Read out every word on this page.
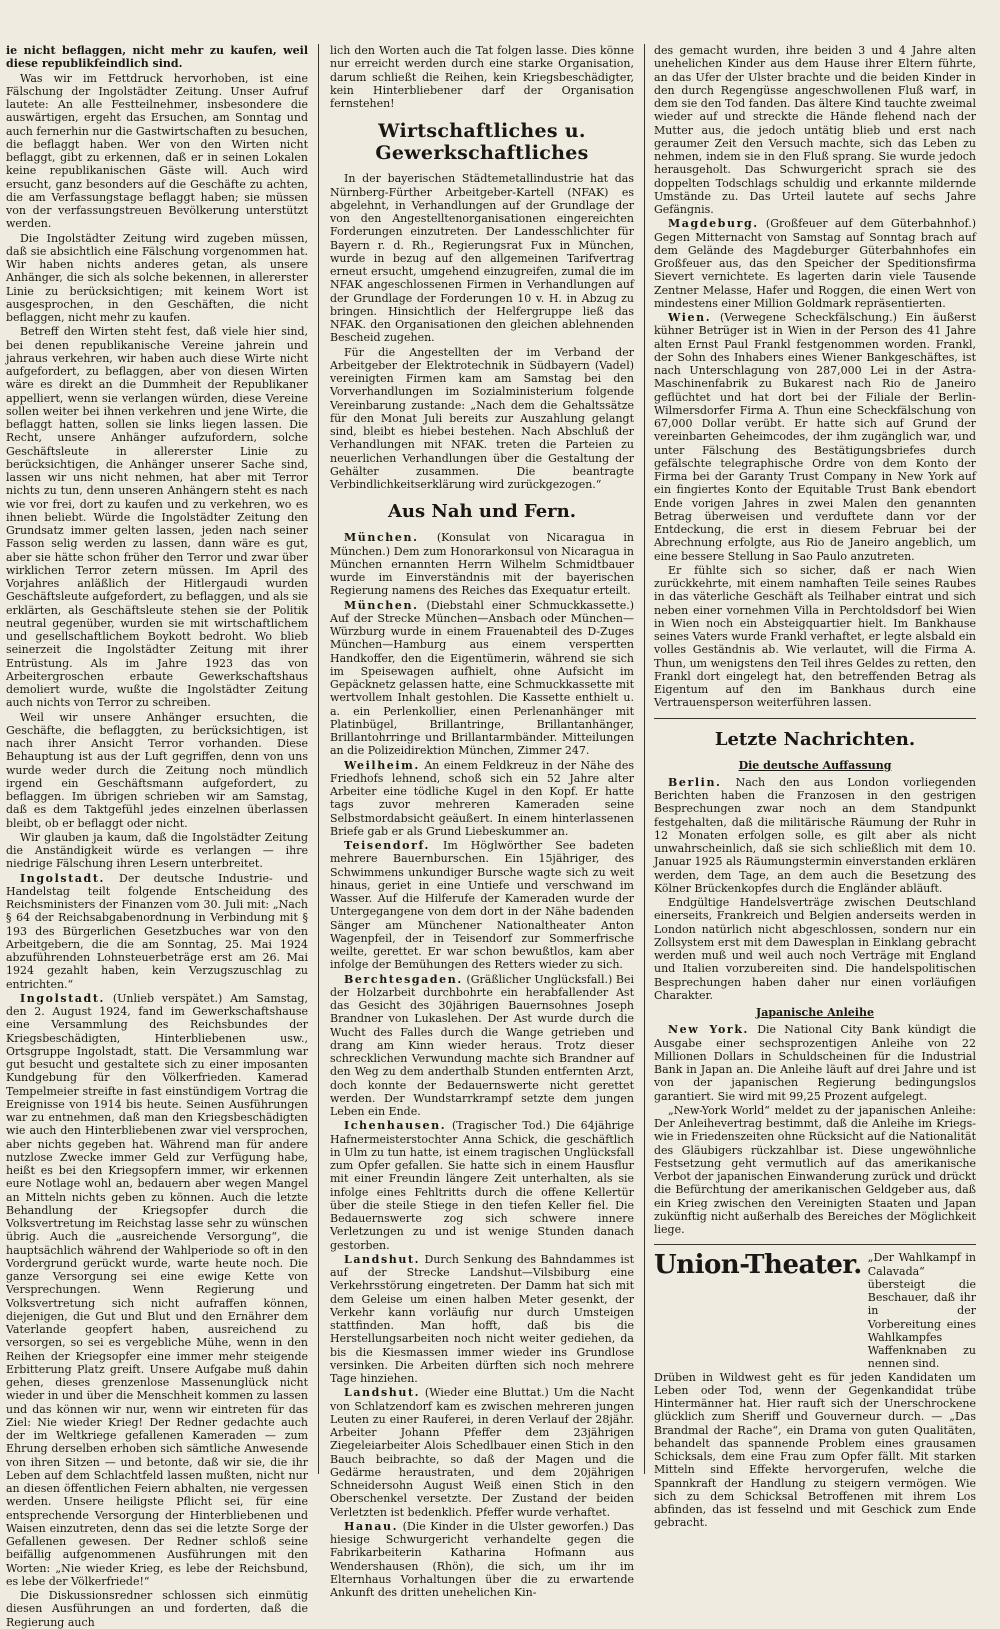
ie nicht beflaggen, nicht mehr zu kaufen, weil diese republikfeindlich sind.

Was wir im Fettdruck hervorhoben, ist eine Fälschung der Ingolstädter Zeitung. Unser Aufruf lautete: An alle Festteilnehmer, insbesondere die auswärtigen, ergeht das Ersuchen, am Sonntag und auch fernerhin nur die Gastwirtschaften zu besuchen, die beflaggt haben. Wer von den Wirten nicht beflaggt, gibt zu erkennen, daß er in seinen Lokalen keine republikanischen Gäste will. Auch wird ersucht, ganz besonders auf die Geschäfte zu achten, die am Verfassungstage beflaggt haben; sie müssen von der verfassungstreuen Bevölkerung unterstützt werden.

Die Ingolstädter Zeitung wird zugeben müssen, daß sie absichtlich eine Fälschung vorgenommen hat. Wir haben nichts anderes getan, als unsere Anhänger, die sich als solche bekennen, in allererster Linie zu berücksichtigen; mit keinem Wort ist ausgesprochen, in den Geschäften, die nicht beflaggen, nicht mehr zu kaufen.

Betreff den Wirten steht fest, daß viele hier sind, bei denen republikanische Vereine jahrein und jahraus verkehren, wir haben auch diese Wirte nicht aufgefordert, zu beflaggen, aber von diesen Wirten wäre es direkt an die Dummheit der Republikaner appelliert, wenn sie verlangen würden, diese Vereine sollen weiter bei ihnen verkehren und jene Wirte, die beflaggt hatten, sollen sie links liegen lassen. Die Recht, unsere Anhänger aufzufordern, solche Geschäftsleute in allererster Linie zu berücksichtigen, die Anhänger unserer Sache sind, lassen wir uns nicht nehmen, hat aber mit Terror nichts zu tun, denn unseren Anhängern steht es nach wie vor frei, dort zu kaufen und zu verkehren, wo es ihnen beliebt. Würde die Ingolstädter Zeitung den Grundsatz immer gelten lassen, jeden nach seiner Fasson selig werden zu lassen, dann wäre es gut, aber sie hätte schon früher den Terror und zwar über wirklichen Terror zetern müssen. Im April des Vorjahres anläßlich der Hitlergaudi wurden Geschäftsleute aufgefordert, zu beflaggen, und als sie erklärten, als Geschäftsleute stehen sie der Politik neutral gegenüber, wurden sie mit wirtschaftlichem und gesellschaftlichem Boykott bedroht. Wo blieb seinerzeit die Ingolstädter Zeitung mit ihrer Entrüstung. Als im Jahre 1923 das von Arbeitergroschen erbaute Gewerkschaftshaus demoliert wurde, wußte die Ingolstädter Zeitung auch nichts von Terror zu schreiben.

Weil wir unsere Anhänger ersuchten, die Geschäfte, die beflaggten, zu berücksichtigen, ist nach ihrer Ansicht Terror vorhanden. Diese Behauptung ist aus der Luft gegriffen, denn von uns wurde weder durch die Zeitung noch mündlich irgend ein Geschäftsmann aufgefordert, zu beflaggen. Im übrigen schrieben wir am Samstag, daß es dem Taktgefühl jedes einzelnen überlassen bleibt, ob er beflaggt oder nicht.

Wir glauben ja kaum, daß die Ingolstädter Zeitung die Anständigkeit würde es verlangen — ihre niedrige Fälschung ihren Lesern unterbreitet.

Ingolstadt. Der deutsche Industrie- und Handelstag teilt folgende Entscheidung des Reichsministers der Finanzen vom 30. Juli mit: „Nach § 64 der Reichsabgabenordnung in Verbindung mit § 193 des Bürgerlichen Gesetzbuches war von den Arbeitgebern, die die am Sonntag, 25. Mai 1924 abzuführenden Lohnsteuerbeträge erst am 26. Mai 1924 gezahlt haben, kein Verzugszuschlag zu entrichten.“

Ingolstadt. (Unlieb verspätet.) Am Samstag, den 2. August 1924, fand im Gewerkschaftshause eine Versammlung des Reichsbundes der Kriegsbeschädigten, Hinterbliebenen usw., Ortsgruppe Ingolstadt, statt. Die Versammlung war gut besucht und gestaltete sich zu einer imposanten Kundgebung für den Völkerfrieden. Kamerad Tempelmeier streifte in fast einstündigem Vortrag die Ereignisse von 1914 bis heute. Seinen Ausführungen war zu entnehmen, daß man den Kriegsbeschädigten wie auch den Hinterbliebenen zwar viel versprochen, aber nichts gegeben hat. Während man für andere nutzlose Zwecke immer Geld zur Verfügung habe, heißt es bei den Kriegsopfern immer, wir erkennen eure Notlage wohl an, bedauern aber wegen Mangel an Mitteln nichts geben zu können. Auch die letzte Behandlung der Kriegsopfer durch die Volksvertretung im Reichstag lasse sehr zu wünschen übrig. Auch die „ausreichende Versorgung“, die hauptsächlich während der Wahlperiode so oft in den Vordergrund gerückt wurde, warte heute noch. Die ganze Versorgung sei eine ewige Kette von Versprechungen. Wenn Regierung und Volksvertretung sich nicht aufraffen können, diejenigen, die Gut und Blut und den Ernährer dem Vaterlande geopfert haben, ausreichend zu versorgen, so sei es vergebliche Mühe, wenn in den Reihen der Kriegsopfer eine immer mehr steigende Erbitterung Platz greift. Unsere Aufgabe muß dahin gehen, dieses grenzenlose Massenunglück nicht wieder in und über die Menschheit kommen zu lassen und das können wir nur, wenn wir eintreten für das Ziel: Nie wieder Krieg! Der Redner gedachte auch der im Weltkriege gefallenen Kameraden — zum Ehrung derselben erhoben sich sämtliche Anwesende von ihren Sitzen — und betonte, daß wir sie, die ihr Leben auf dem Schlachtfeld lassen mußten, nicht nur an diesen öffentlichen Feiern abhalten, nie vergessen werden. Unsere heiligste Pflicht sei, für eine entsprechende Versorgung der Hinterbliebenen und Waisen einzutreten, denn das sei die letzte Sorge der Gefallenen gewesen. Der Redner schloß seine beifällig aufgenommenen Ausführungen mit den Worten: „Nie wieder Krieg, es lebe der Reichsbund, es lebe der Völkerfriede!“

Die Diskussionsredner schlossen sich einmütig diesen Ausführungen an und forderten, daß die Regierung auch

lich den Worten auch die Tat folgen lasse. Dies könne nur erreicht werden durch eine starke Organisation, darum schließt die Reihen, kein Kriegsbeschädigter, kein Hinterbliebener darf der Organisation fernstehen!

Wirtschaftliches u. Gewerkschaftliches

In der bayerischen Städtemetallindustrie hat das Nürnberg-Fürther Arbeitgeber-Kartell (NFAK) es abgelehnt, in Verhandlungen auf der Grundlage der von den Angestelltenorganisationen eingereichten Forderungen einzutreten. Der Landesschlichter für Bayern r. d. Rh., Regierungsrat Fux in München, wurde in bezug auf den allgemeinen Tarifvertrag erneut ersucht, umgehend einzugreifen, zumal die im NFAK angeschlossenen Firmen in Verhandlungen auf der Grundlage der Forderungen 10 v. H. in Abzug zu bringen. Hinsichtlich der Helfergruppe ließ das NFAK. den Organisationen den gleichen ablehnenden Bescheid zugehen.

Für die Angestellten der im Verband der Arbeitgeber der Elektrotechnik in Südbayern (Vadel) vereinigten Firmen kam am Samstag bei den Vorverhandlungen im Sozialministerium folgende Vereinbarung zustande: „Nach dem die Gehaltssätze für den Monat Juli bereits zur Auszahlung gelangt sind, bleibt es hiebei bestehen. Nach Abschluß der Verhandlungen mit NFAK. treten die Parteien zu neuerlichen Verhandlungen über die Gestaltung der Gehälter zusammen. Die beantragte Verbindlichkeitserklärung wird zurückgezogen.“

Aus Nah und Fern.

München. (Konsulat von Nicaragua in München.) Dem zum Honorarkonsul von Nicaragua in München ernannten Herrn Wilhelm Schmidtbauer wurde im Einverständnis mit der bayerischen Regierung namens des Reiches das Exequatur erteilt.

München. (Diebstahl einer Schmuckkassette.) Auf der Strecke München—Ansbach oder München—Würzburg wurde in einem Frauenabteil des D-Zuges München—Hamburg aus einem verspertten Handkoffer, den die Eigentümerin, während sie sich im Speisewagen aufhielt, ohne Aufsicht im Gepäcknetz gelassen hatte, eine Schmuckkassette mit wertvollem Inhalt gestohlen. Die Kassette enthielt u. a. ein Perlenkollier, einen Perlenanhänger mit Platinbügel, Brillantringe, Brillantanhänger, Brillantohrringe und Brillantarmbänder. Mitteilungen an die Polizeidirektion München, Zimmer 247.

Weilheim. An einem Feldkreuz in der Nähe des Friedhofs lehnend, schoß sich ein 52 Jahre alter Arbeiter eine tödliche Kugel in den Kopf. Er hatte tags zuvor mehreren Kameraden seine Selbstmordabsicht geäußert. In einem hinterlassenen Briefe gab er als Grund Liebeskummer an.

Teisendorf. Im Höglwörther See badeten mehrere Bauernburschen. Ein 15jähriger, des Schwimmens unkundiger Bursche wagte sich zu weit hinaus, geriet in eine Untiefe und verschwand im Wasser. Auf die Hilferufe der Kameraden wurde der Untergegangene von dem dort in der Nähe badenden Sänger am Münchener Nationaltheater Anton Wagenpfeil, der in Teisendorf zur Sommerfrische weilte, gerettet. Er war schon bewußtlos, kam aber infolge der Bemühungen des Retters wieder zu sich.

Berchtesgaden. (Gräßlicher Unglücksfall.) Bei der Holzarbeit durchbohrte ein herabfallender Ast das Gesicht des 30jährigen Bauernsohnes Joseph Brandner von Lukaslehen. Der Ast wurde durch die Wucht des Falles durch die Wange getrieben und drang am Kinn wieder heraus. Trotz dieser schrecklichen Verwundung machte sich Brandner auf den Weg zu dem anderthalb Stunden entfernten Arzt, doch konnte der Bedauernswerte nicht gerettet werden. Der Wundstarrkrampf setzte dem jungen Leben ein Ende.

Ichenhausen. (Tragischer Tod.) Die 64jährige Hafnermeisterstochter Anna Schick, die geschäftlich in Ulm zu tun hatte, ist einem tragischen Unglücksfall zum Opfer gefallen. Sie hatte sich in einem Hausflur mit einer Freundin längere Zeit unterhalten, als sie infolge eines Fehltritts durch die offene Kellertür über die steile Stiege in den tiefen Keller fiel. Die Bedauernswerte zog sich schwere innere Verletzungen zu und ist wenige Stunden danach gestorben.

Landshut. Durch Senkung des Bahndammes ist auf der Strecke Landshut—Vilsbiburg eine Verkehrsstörung eingetreten. Der Damm hat sich mit dem Geleise um einen halben Meter gesenkt, der Verkehr kann vorläufig nur durch Umsteigen stattfinden. Man hofft, daß bis die Herstellungsarbeiten noch nicht weiter gediehen, da bis die Kiesmassen immer wieder ins Grundlose versinken. Die Arbeiten dürften sich noch mehrere Tage hinziehen.

Landshut. (Wieder eine Bluttat.) Um die Nacht von Schlatzendorf kam es zwischen mehreren jungen Leuten zu einer Rauferei, in deren Verlauf der 28jähr. Arbeiter Johann Pfeffer dem 23jährigen Ziegeleiarbeiter Alois Schedlbauer einen Stich in den Bauch beibrachte, so daß der Magen und die Gedärme heraustraten, und dem 20jährigen Schneidersohn August Weiß einen Stich in den Oberschenkel versetzte. Der Zustand der beiden Verletzten ist bedenklich. Pfeffer wurde verhaftet.

Hanau. (Die Kinder in die Ulster geworfen.) Das hiesige Schwurgericht verhandelte gegen die Fabrikarbeiterin Katharina Hofmann aus Wendershausen (Rhön), die sich, um ihr im Elternhaus Vorhaltungen über die zu erwartende Ankunft des dritten unehelichen Kin-

des gemacht wurden, ihre beiden 3 und 4 Jahre alten unehelichen Kinder aus dem Hause ihrer Eltern führte, an das Ufer der Ulster brachte und die beiden Kinder in den durch Regengüsse angeschwollenen Fluß warf, in dem sie den Tod fanden. Das ältere Kind tauchte zweimal wieder auf und streckte die Hände flehend nach der Mutter aus, die jedoch untätig blieb und erst nach geraumer Zeit den Versuch machte, sich das Leben zu nehmen, indem sie in den Fluß sprang. Sie wurde jedoch herausgeholt. Das Schwurgericht sprach sie des doppelten Todschlags schuldig und erkannte mildernde Umstände zu. Das Urteil lautete auf sechs Jahre Gefängnis.

Magdeburg. (Großfeuer auf dem Güterbahnhof.) Gegen Mitternacht von Samstag auf Sonntag brach auf dem Gelände des Magdeburger Güterbahnhofes ein Großfeuer aus, das den Speicher der Speditionsfirma Sievert vernichtete. Es lagerten darin viele Tausende Zentner Melasse, Hafer und Roggen, die einen Wert von mindestens einer Million Goldmark repräsentierten.

Wien. (Verwegene Scheckfälschung.) Ein äußerst kühner Betrüger ist in Wien in der Person des 41 Jahre alten Ernst Paul Frankl festgenommen worden. Frankl, der Sohn des Inhabers eines Wiener Bankgeschäftes, ist nach Unterschlagung von 287,000 Lei in der Astra-Maschinenfabrik zu Bukarest nach Rio de Janeiro geflüchtet und hat dort bei der Filiale der Berlin-Wilmersdorfer Firma A. Thun eine Scheckfälschung von 67,000 Dollar verübt. Er hatte sich auf Grund der vereinbarten Geheimcodes, der ihm zugänglich war, und unter Fälschung des Bestätigungsbriefes durch gefälschte telegraphische Ordre von dem Konto der Firma bei der Garanty Trust Company in New York auf ein fingiertes Konto der Equitable Trust Bank ebendort Ende vorigen Jahres in zwei Malen den genannten Betrag überweisen und verduftete dann vor der Entdeckung, die erst in diesem Februar bei der Abrechnung erfolgte, aus Rio de Janeiro angeblich, um eine bessere Stellung in Sao Paulo anzutreten.

Er fühlte sich so sicher, daß er nach Wien zurückkehrte, mit einem namhaften Teile seines Raubes in das väterliche Geschäft als Teilhaber eintrat und sich neben einer vornehmen Villa in Perchtoldsdorf bei Wien in Wien noch ein Absteigquartier hielt. Im Bankhause seines Vaters wurde Frankl verhaftet, er legte alsbald ein volles Geständnis ab. Wie verlautet, will die Firma A. Thun, um wenigstens den Teil ihres Geldes zu retten, den Frankl dort eingelegt hat, den betreffenden Betrag als Eigentum auf den im Bankhaus durch eine Vertrauensperson weiterführen lassen.

Letzte Nachrichten.
Die deutsche Auffassung

Berlin. Nach den aus London vorliegenden Berichten haben die Franzosen in den gestrigen Besprechungen zwar noch an dem Standpunkt festgehalten, daß die militärische Räumung der Ruhr in 12 Monaten erfolgen solle, es gilt aber als nicht unwahrscheinlich, daß sie sich schließlich mit dem 10. Januar 1925 als Räumungstermin einverstanden erklären werden, dem Tage, an dem auch die Besetzung des Kölner Brückenkopfes durch die Engländer abläuft.

Endgültige Handelsverträge zwischen Deutschland einerseits, Frankreich und Belgien anderseits werden in London natürlich nicht abgeschlossen, sondern nur ein Zollsystem erst mit dem Dawesplan in Einklang gebracht werden muß und weil auch noch Verträge mit England und Italien vorzubereiten sind. Die handelspolitischen Besprechungen haben daher nur einen vorläufigen Charakter.

Japanische Anleihe

New York. Die National City Bank kündigt die Ausgabe einer sechsprozentigen Anleihe von 22 Millionen Dollars in Schuldscheinen für die Industrial Bank in Japan an. Die Anleihe läuft auf drei Jahre und ist von der japanischen Regierung bedingungslos garantiert. Sie wird mit 99,25 Prozent aufgelegt.

„New-York World“ meldet zu der japanischen Anleihe: Der Anleihevertrag bestimmt, daß die Anleihe im Kriegs- wie in Friedenszeiten ohne Rücksicht auf die Nationalität des Gläubigers rückzahlbar ist. Diese ungewöhnliche Festsetzung geht vermutlich auf das amerikanische Verbot der japanischen Einwanderung zurück und drückt die Befürchtung der amerikanischen Geldgeber aus, daß ein Krieg zwischen den Vereinigten Staaten und Japan zukünftig nicht außerhalb des Bereiches der Möglichkeit liege.

Union-Theater. „Der Wahlkampf in Calavada“ übersteigt die Beschauer, daß ihr in der Vorbereitung eines Wahlkampfes Waffenknaben zu nennen sind.

Drüben in Wildwest geht es für jeden Kandidaten um Leben oder Tod, wenn der Gegenkandidat trübe Hintermänner hat. Hier rauft sich der Unerschrockene glücklich zum Sheriff und Gouverneur durch. — „Das Brandmal der Rache“, ein Drama von guten Qualitäten, behandelt das spannende Problem eines grausamen Schicksals, dem eine Frau zum Opfer fällt. Mit starken Mitteln sind Effekte hervorgerufen, welche die Spannkraft der Handlung zu steigern vermögen. Wie sich zu dem Schicksal Betroffenen mit ihrem Los abfinden, das ist fesselnd und mit Geschick zum Ende gebracht.
